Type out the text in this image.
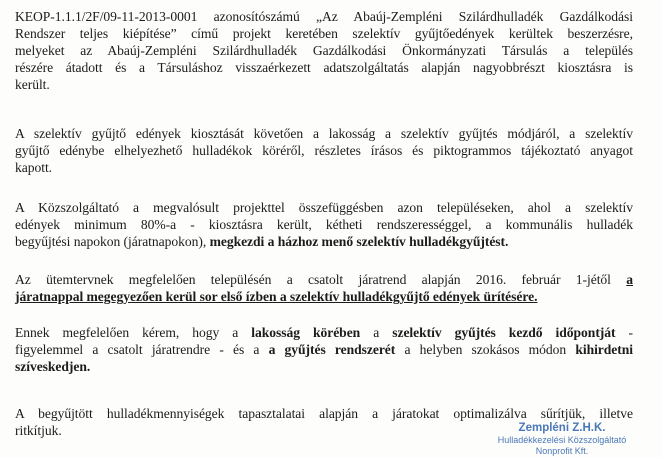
KEOP-1.1.1/2F/09-11-2013-0001 azonosítószámú „Az Abaúj-Zempléni Szilárdhulladék Gazdálkodási
Rendszer teljes kiépítése” című projekt keretében szelektív gyűjtőedények kerültek beszerzésre,
melyeket az Abaúj-Zempléni Szilárdhulladék Gazdálkodási Önkormányzati Társulás a település
részére átadott és a Társuláshoz visszaérkezett adatszolgáltatás alapján nagyobbrészt kiosztásra is
került.

A szelektív gyűjtő edények kiosztását követően a lakosság a szelektív gyűjtés módjáról, a szelektív
gyűjtő edénybe elhelyezhető hulladékok köréről, részletes írásos és piktogrammos tájékoztató anyagot
kapott.

A Közszolgáltató a megvalósult projekttel összefüggésben azon településeken, ahol a szelektív
edények minimum 80%-a - kiosztásra került, kétheti rendszerességgel, a kommunális hulladék
begyűjtési napokon (járatnapokon), megkezdi a házhoz menő szelektív hulladékgyűjtést.

Az ütemtervnek megfelelően településén a csatolt járatrend alapján 2016. február 1-jétől a
járatnappal megegyezően kerül sor első ízben a szelektív hulladékgyűjtő edények ürítésére.

Ennek megfelelően kérem, hogy a lakosság körében a szelektív gyűjtés kezdő időpontját -
figyelemmel a csatolt járatrendre - és a a gyűjtés rendszerét a helyben szokásos módon kihirdetni
szíveskedjen.

A begyűjtött hulladékmennyiségek tapasztalatai alapján a járatokat optimalizálva sűrítjük, illetve
ritkítjuk.	Zempléni Z.H.K.
Hulladékkezelési Közszolgáltató
Nonprofit Kft.
